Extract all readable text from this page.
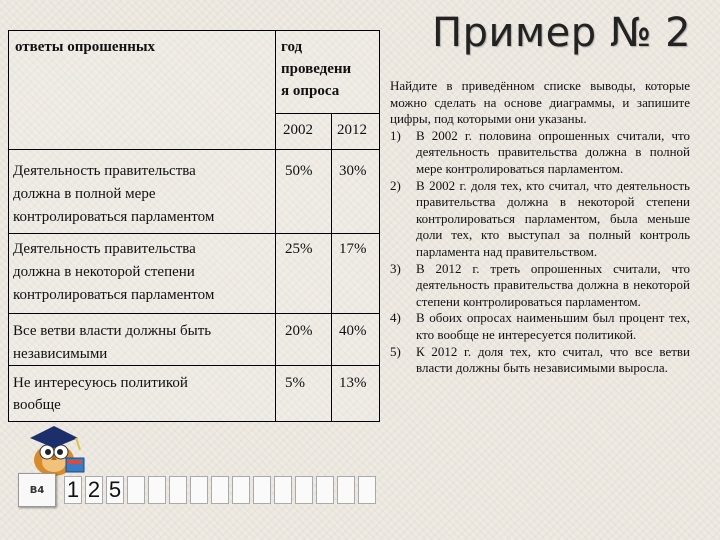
ответы опрошенных	год
проведени
я опроса
2002 2012
Деятельность правительства
должна в полной мере
контролироваться парламентом
50% 30%
Деятельность правительства
должна в некоторой степени
контролироваться парламентом
25% 17%
Все ветви власти должны быть
независимыми
20% 40%
Не интересуюсь политикой
вообще
5% 13%
Пример № 2

Найдите в приведённом списке выводы, которые можно сделать на основе диаграммы, и запишите цифры, под которыми они указаны.

1) В 2002 г. половина опрошенных считали, что деятельность правительства должна в полной мере контролироваться парламентом.
2) В 2002 г. доля тех, кто считал, что деятельность правительства должна в некоторой степени контролироваться парламентом, была меньше доли тех, кто выступал за полный контроль парламента над правительством.
3) В 2012 г. треть опрошенных считали, что деятельность правительства должна в некоторой степени контролироваться парламентом.
4) В обоих опросах наименьшим был процент тех, кто вообще не интересуется политикой.
5) К 2012 г. доля тех, кто считал, что все ветви власти должны быть независимыми выросла.
В4	1 2 5
